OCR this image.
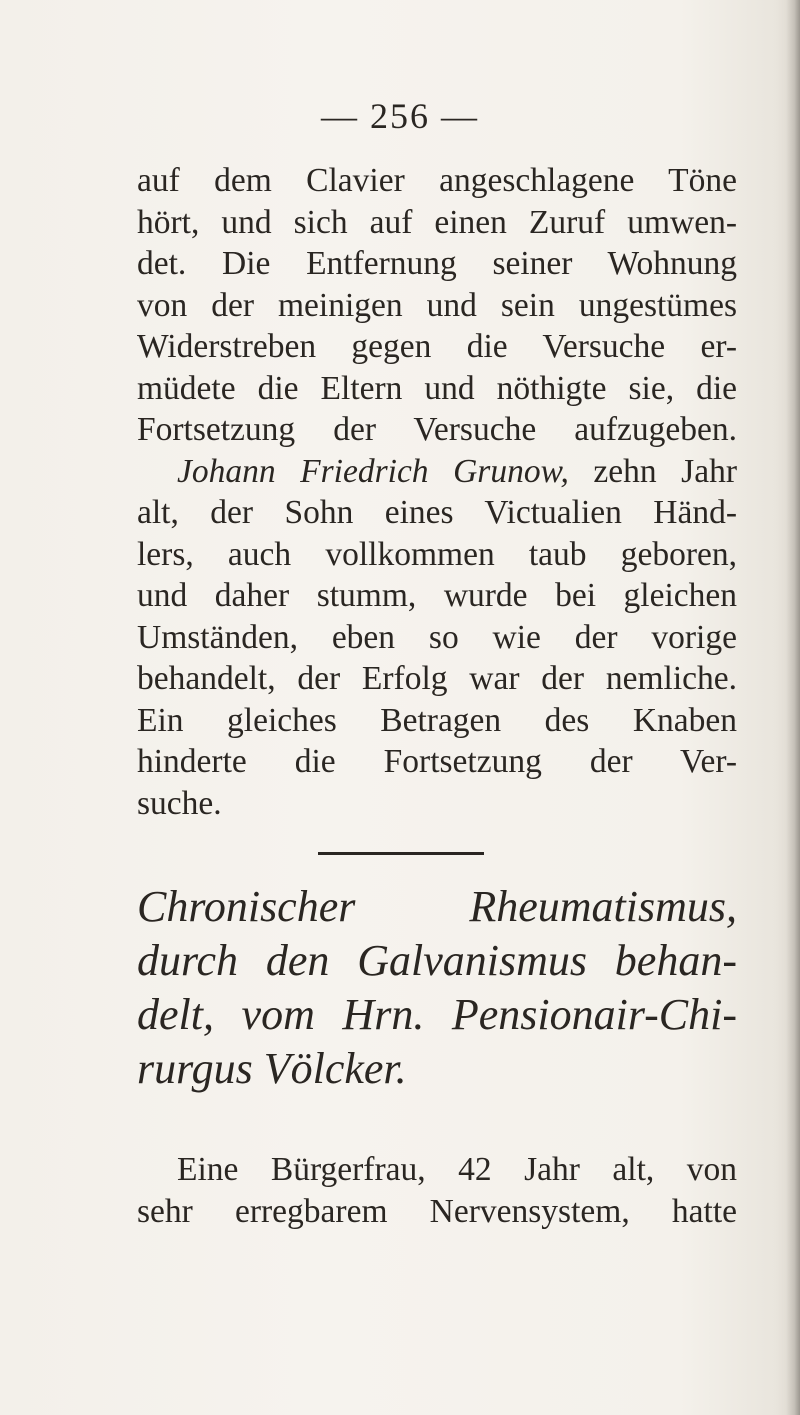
— 256 —
auf dem Clavier angeschlagene Töne
hört, und sich auf einen Zuruf umwen-
det. Die Entfernung seiner Wohnung
von der meinigen und sein ungestümes
Widerstreben gegen die Versuche er-
müdete die Eltern und nöthigte sie, die
Fortsetzung der Versuche aufzugeben.
Johann Friedrich Grunow, zehn Jahr
alt, der Sohn eines Victualien Händ-
lers, auch vollkommen taub geboren,
und daher stumm, wurde bei gleichen
Umständen, eben so wie der vorige
behandelt, der Erfolg war der nemliche.
Ein gleiches Betragen des Knaben
hinderte die Fortsetzung der Ver-
suche.
Chronischer Rheumatismus,
durch den Galvanismus behan-
delt, vom Hrn. Pensionair-Chi-
rurgus Völcker.
Eine Bürgerfrau, 42 Jahr alt, von
sehr erregbarem Nervensystem, hatte
